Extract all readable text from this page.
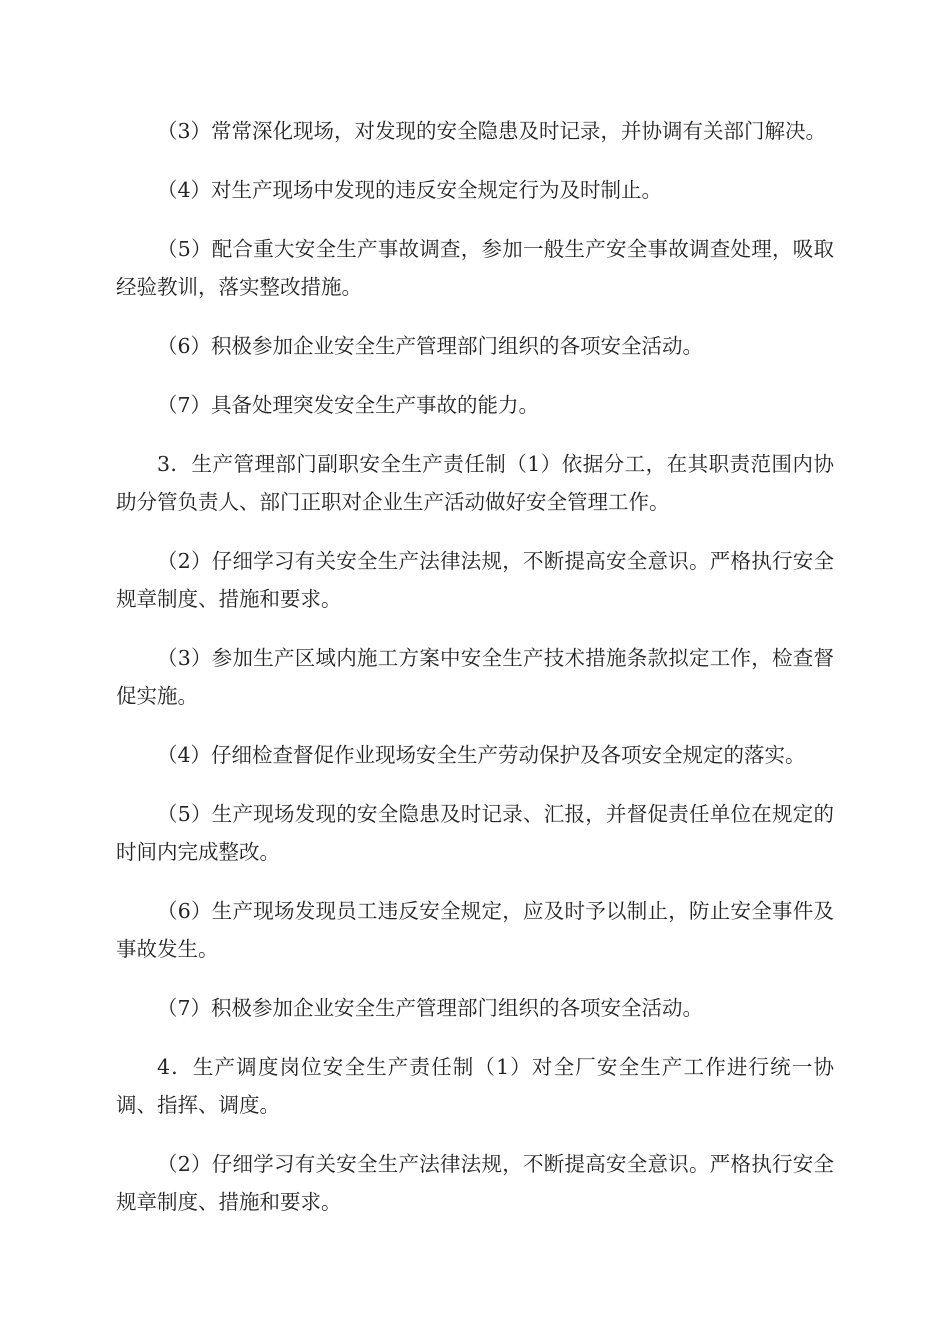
（3）常常深化现场，对发现的安全隐患及时记录，并协调有关部门解决。

（4）对生产现场中发现的违反安全规定行为及时制止。

（5）配合重大安全生产事故调查，参加一般生产安全事故调查处理，吸取经验教训，落实整改措施。

（6）积极参加企业安全生产管理部门组织的各项安全活动。

（7）具备处理突发安全生产事故的能力。

3．生产管理部门副职安全生产责任制（1）依据分工，在其职责范围内协助分管负责人、部门正职对企业生产活动做好安全管理工作。

（2）仔细学习有关安全生产法律法规，不断提高安全意识。严格执行安全规章制度、措施和要求。

（3）参加生产区域内施工方案中安全生产技术措施条款拟定工作，检查督促实施。

（4）仔细检查督促作业现场安全生产劳动保护及各项安全规定的落实。

（5）生产现场发现的安全隐患及时记录、汇报，并督促责任单位在规定的时间内完成整改。

（6）生产现场发现员工违反安全规定，应及时予以制止，防止安全事件及事故发生。

（7）积极参加企业安全生产管理部门组织的各项安全活动。

4．生产调度岗位安全生产责任制（1）对全厂安全生产工作进行统一协调、指挥、调度。

（2）仔细学习有关安全生产法律法规，不断提高安全意识。严格执行安全规章制度、措施和要求。
